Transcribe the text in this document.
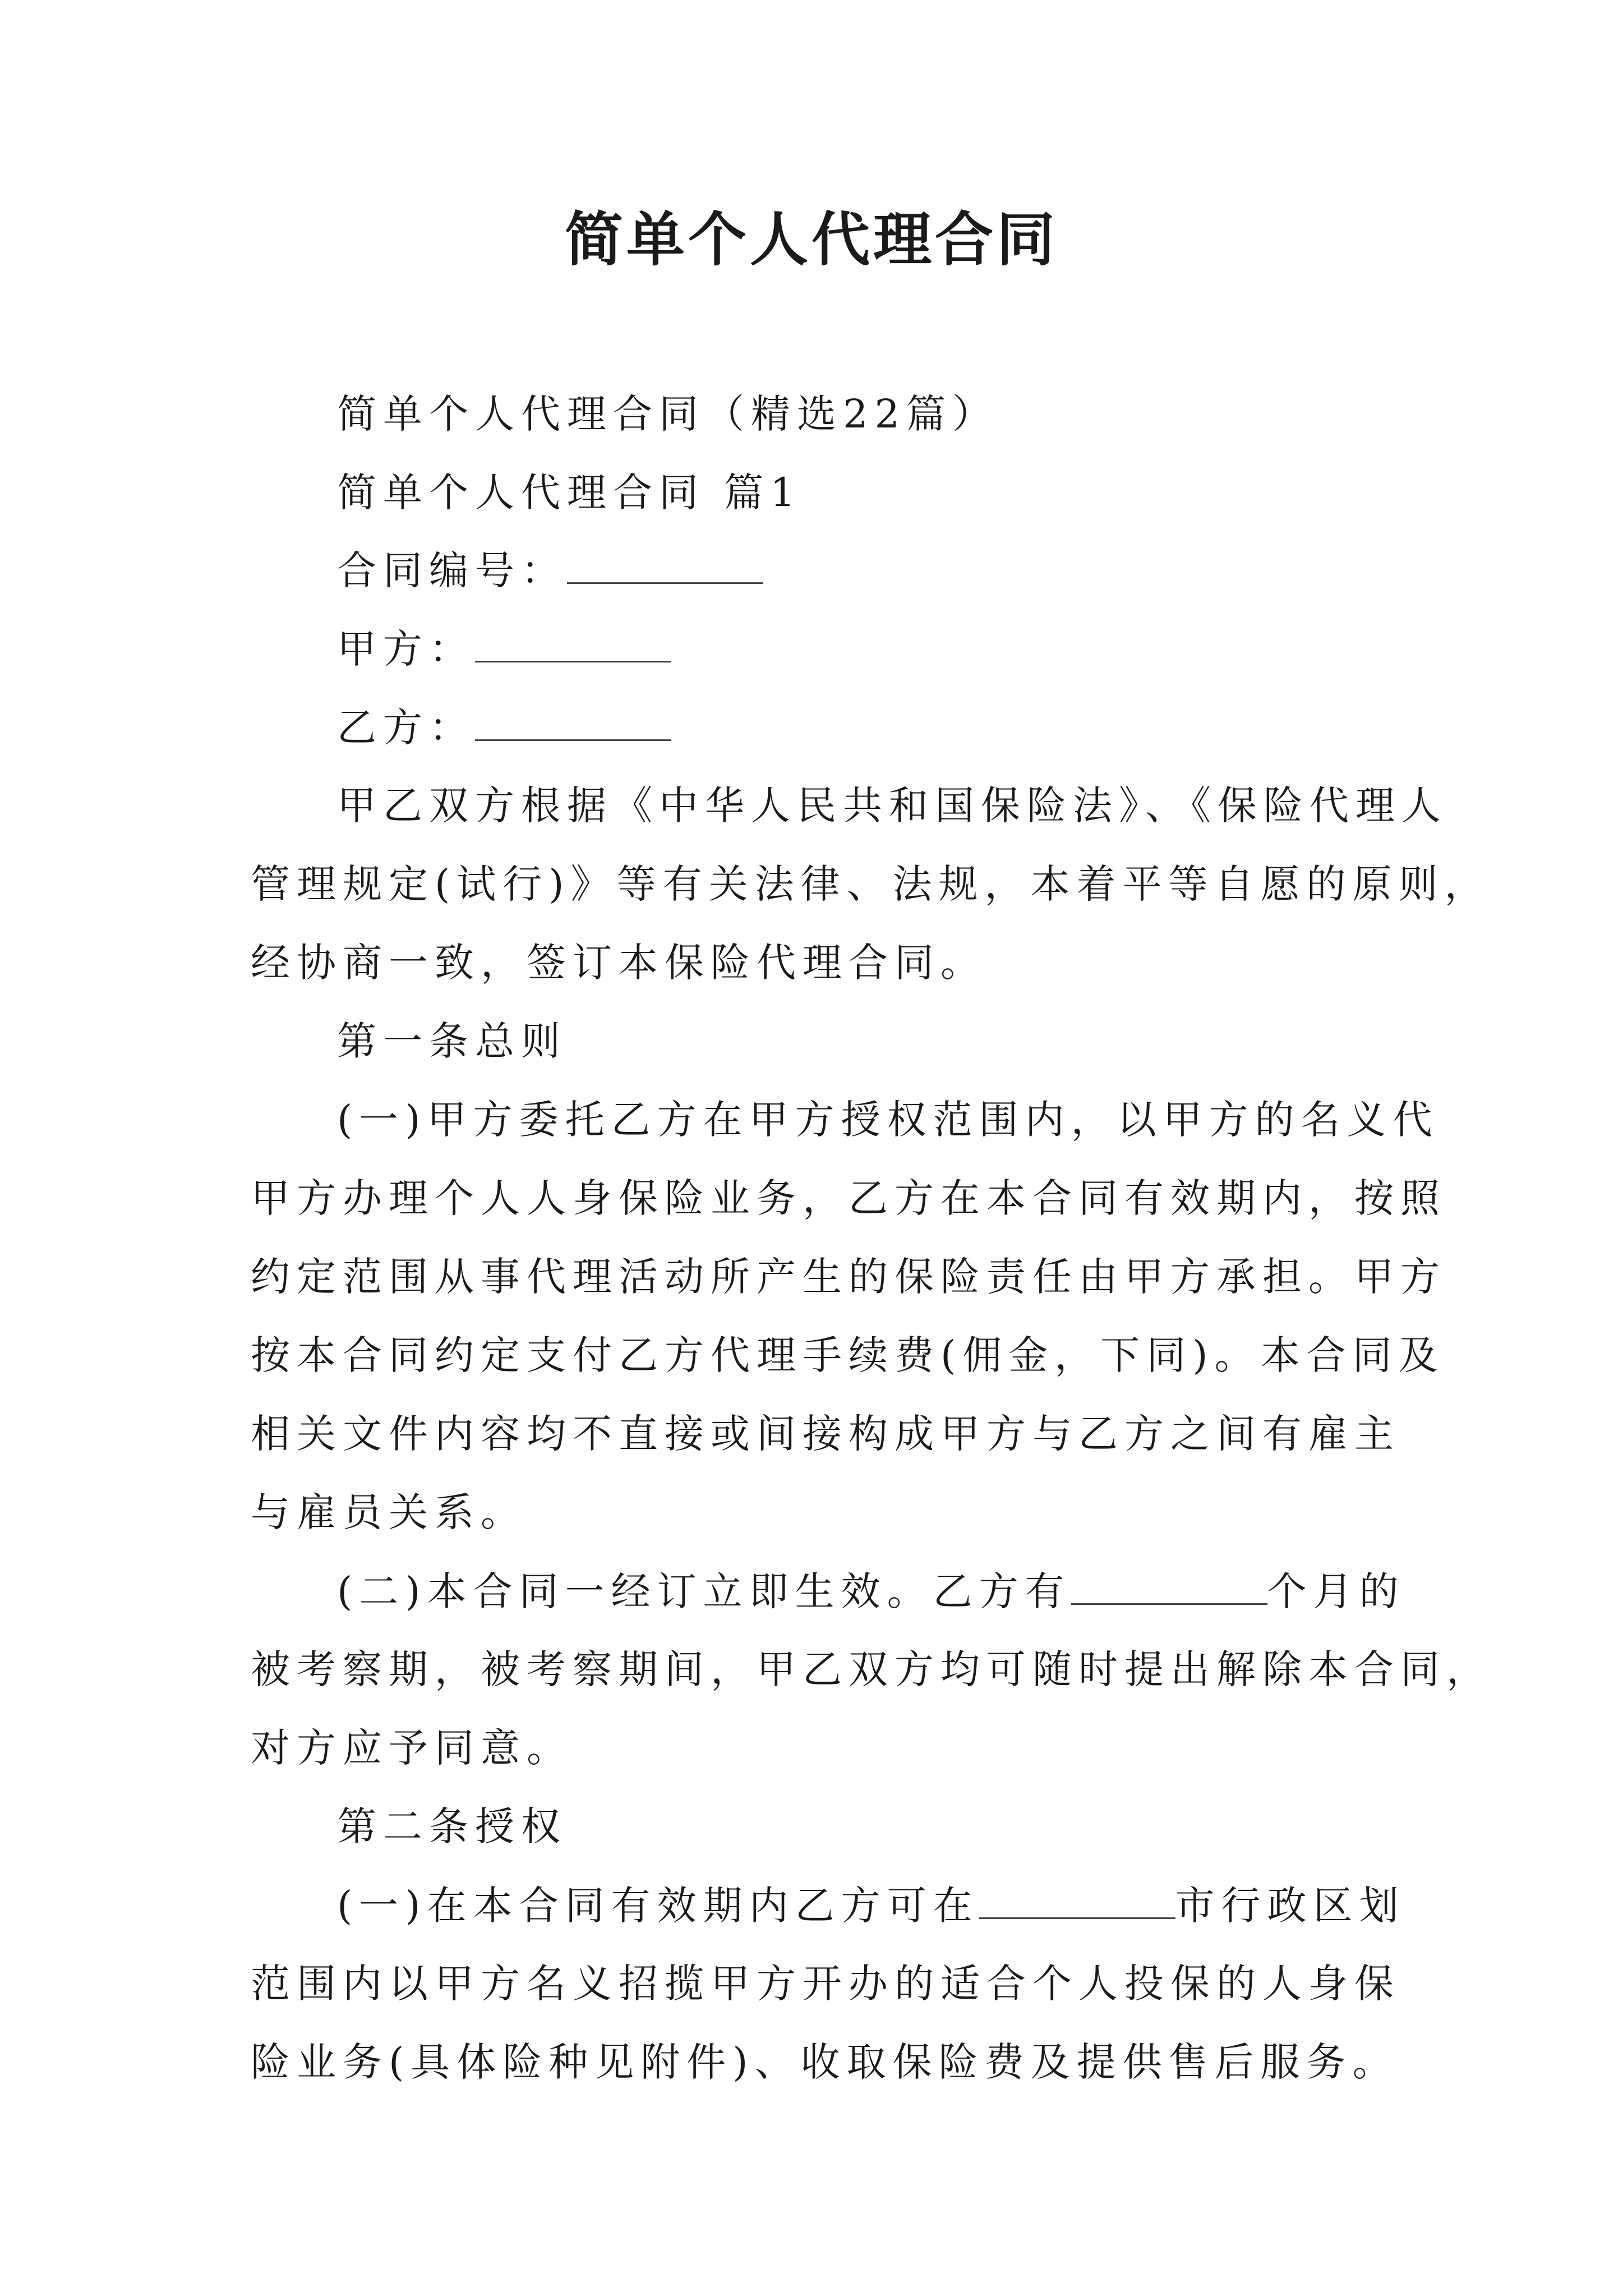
简单个人代理合同
简单个人代理合同（精选22篇）
简单个人代理合同 篇1
合同编号：
甲方：
乙方：
甲乙双方根据《中华人民共和国保险法》、《保险代理人
管理规定(试行)》等有关法律、法规，本着平等自愿的原则，
经协商一致，签订本保险代理合同。
第一条总则
(一)甲方委托乙方在甲方授权范围内，以甲方的名义代
甲方办理个人人身保险业务，乙方在本合同有效期内，按照
约定范围从事代理活动所产生的保险责任由甲方承担。甲方
按本合同约定支付乙方代理手续费(佣金，下同)。本合同及
相关文件内容均不直接或间接构成甲方与乙方之间有雇主
与雇员关系。
(二)本合同一经订立即生效。乙方有	个月的
被考察期，被考察期间，甲乙双方均可随时提出解除本合同，
对方应予同意。
第二条授权
(一)在本合同有效期内乙方可在	市行政区划
范围内以甲方名义招揽甲方开办的适合个人投保的人身保
险业务(具体险种见附件)、收取保险费及提供售后服务。
